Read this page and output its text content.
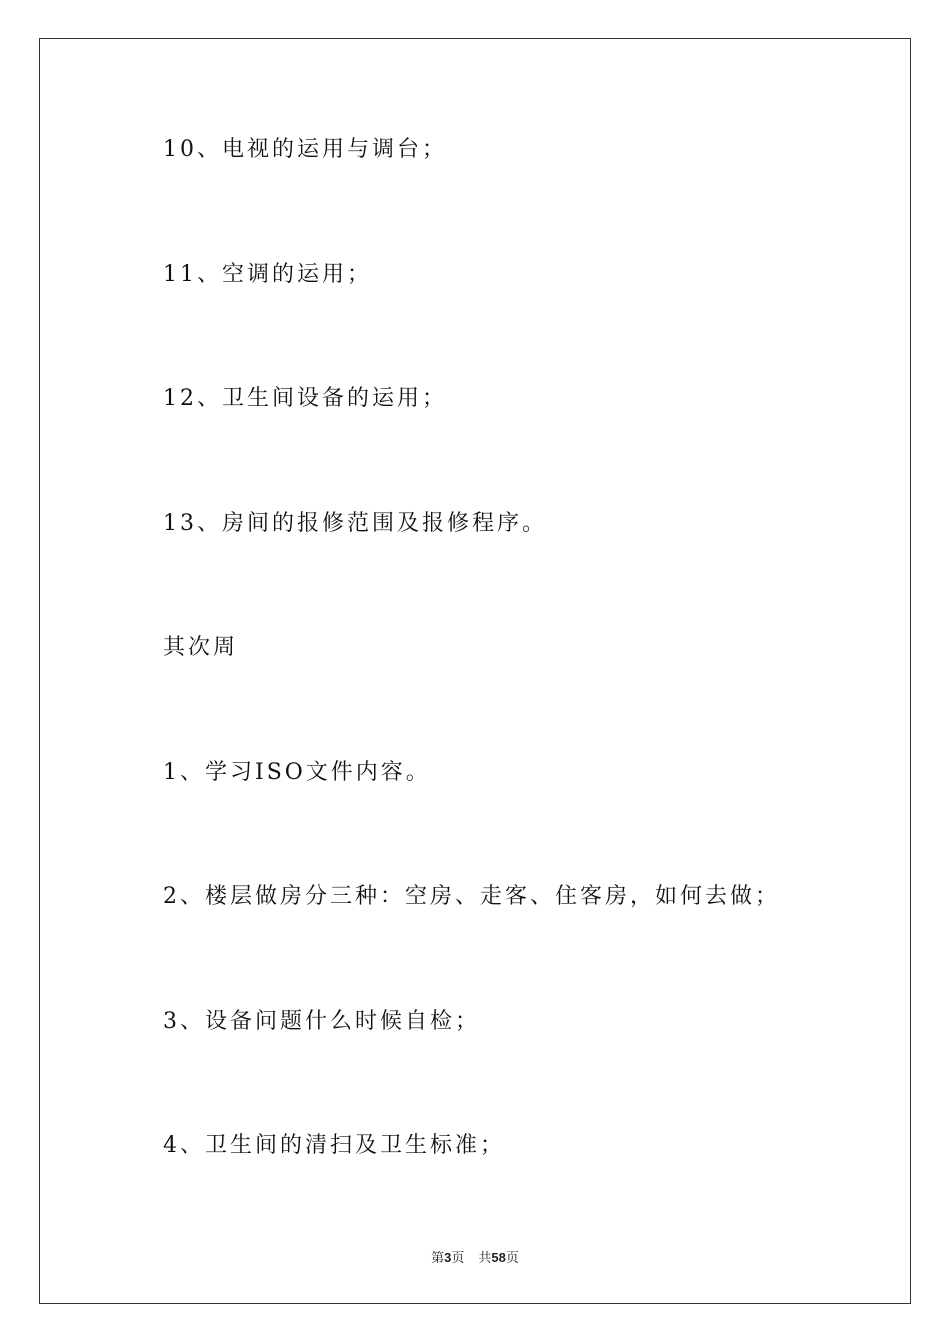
10、电视的运用与调台；
11、空调的运用；
12、卫生间设备的运用；
13、房间的报修范围及报修程序。
其次周
1、学习ISO文件内容。
2、楼层做房分三种：空房、走客、住客房，如何去做；
3、设备问题什么时候自检；
4、卫生间的清扫及卫生标准；
第3页 共58页
